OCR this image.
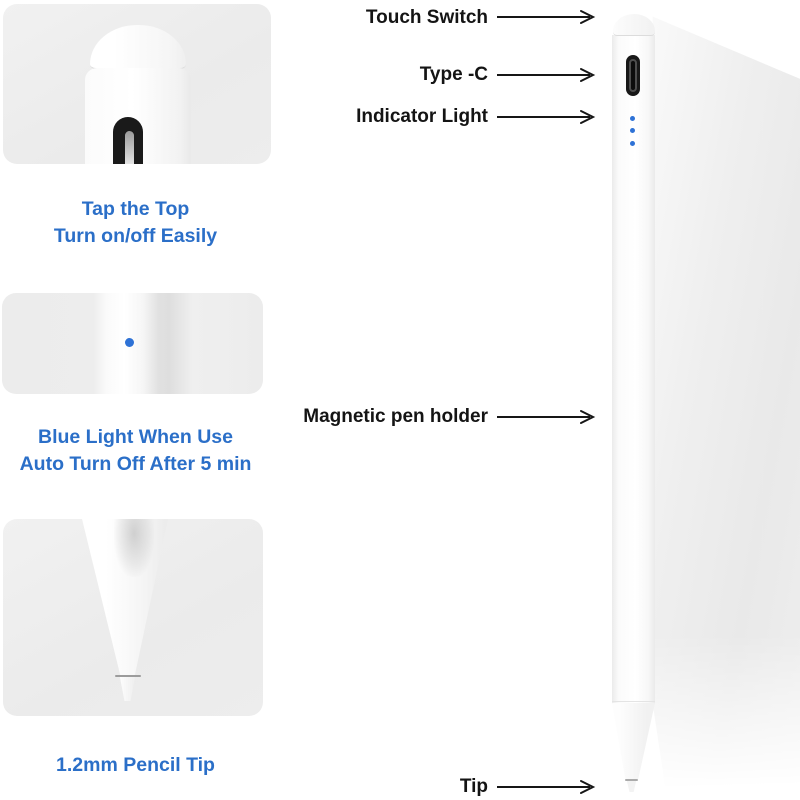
Tap the Top
Turn on/off Easily
Blue Light When Use
Auto Turn Off After 5 min
1.2mm Pencil Tip
Touch Switch
Type -C
Indicator Light
Magnetic pen holder
Tip
